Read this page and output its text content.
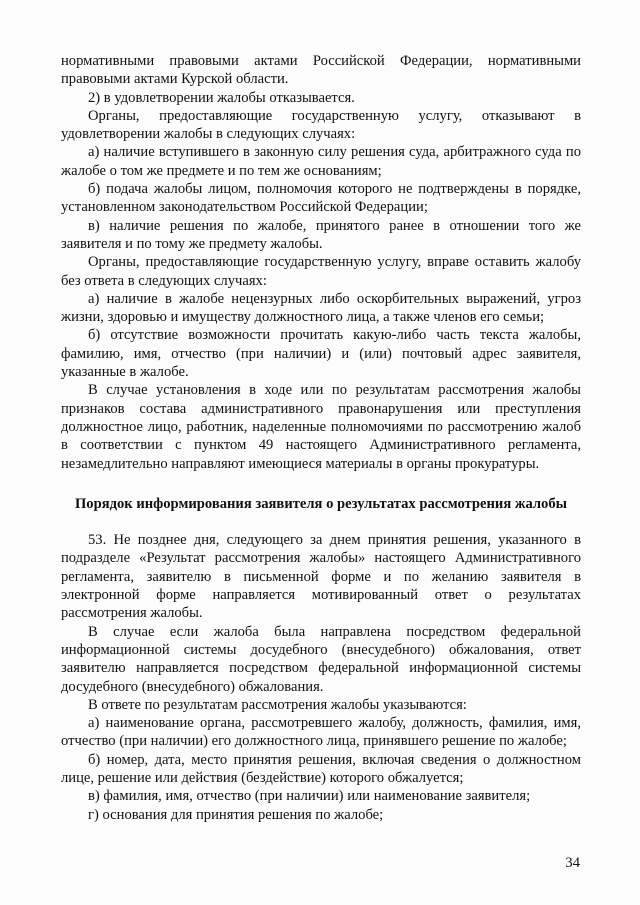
нормативными правовыми актами Российской Федерации, нормативными правовыми актами Курской области.

2) в удовлетворении жалобы отказывается.

Органы, предоставляющие государственную услугу, отказывают в удовлетворении жалобы в следующих случаях:

а) наличие вступившего в законную силу решения суда, арбитражного суда по жалобе о том же предмете и по тем же основаниям;

б) подача жалобы лицом, полномочия которого не подтверждены в порядке, установленном законодательством Российской Федерации;

в) наличие решения по жалобе, принятого ранее в отношении того же заявителя и по тому же предмету жалобы.

Органы, предоставляющие государственную услугу, вправе оставить жалобу без ответа в следующих случаях:

а) наличие в жалобе нецензурных либо оскорбительных выражений, угроз жизни, здоровью и имуществу должностного лица, а также членов его семьи;

б) отсутствие возможности прочитать какую-либо часть текста жалобы, фамилию, имя, отчество (при наличии) и (или) почтовый адрес заявителя, указанные в жалобе.

В случае установления в ходе или по результатам рассмотрения жалобы признаков состава административного правонарушения или преступления должностное лицо, работник, наделенные полномочиями по рассмотрению жалоб в соответствии с пунктом 49 настоящего Административного регламента, незамедлительно направляют имеющиеся материалы в органы прокуратуры.

Порядок информирования заявителя о результатах рассмотрения жалобы

53. Не позднее дня, следующего за днем принятия решения, указанного в подразделе «Результат рассмотрения жалобы» настоящего Административного регламента, заявителю в письменной форме и по желанию заявителя в электронной форме направляется мотивированный ответ о результатах рассмотрения жалобы.

В случае если жалоба была направлена посредством федеральной информационной системы досудебного (внесудебного) обжалования, ответ заявителю направляется посредством федеральной информационной системы досудебного (внесудебного) обжалования.

В ответе по результатам рассмотрения жалобы указываются:

а) наименование органа, рассмотревшего жалобу, должность, фамилия, имя, отчество (при наличии) его должностного лица, принявшего решение по жалобе;

б) номер, дата, место принятия решения, включая сведения о должностном лице, решение или действия (бездействие) которого обжалуется;

в) фамилия, имя, отчество (при наличии) или наименование заявителя;

г) основания для принятия решения по жалобе;

34
